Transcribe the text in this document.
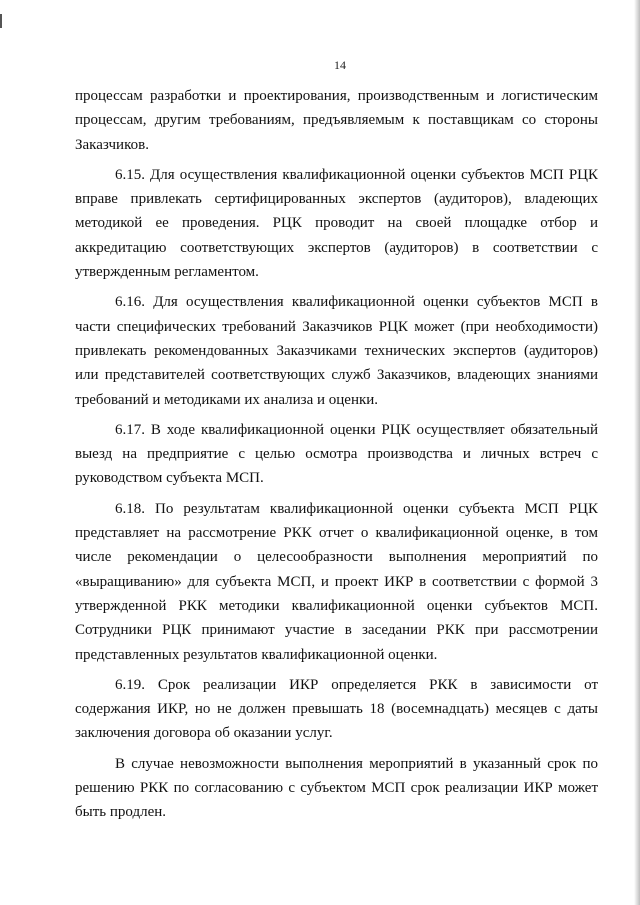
14

процессам разработки и проектирования, производственным и логистическим процессам, другим требованиям, предъявляемым к поставщикам со стороны Заказчиков.

6.15. Для осуществления квалификационной оценки субъектов МСП РЦК вправе привлекать сертифицированных экспертов (аудиторов), владеющих методикой ее проведения. РЦК проводит на своей площадке отбор и аккредитацию соответствующих экспертов (аудиторов) в соответствии с утвержденным регламентом.

6.16. Для осуществления квалификационной оценки субъектов МСП в части специфических требований Заказчиков РЦК может (при необходимости) привлекать рекомендованных Заказчиками технических экспертов (аудиторов) или представителей соответствующих служб Заказчиков, владеющих знаниями требований и методиками их анализа и оценки.

6.17. В ходе квалификационной оценки РЦК осуществляет обязательный выезд на предприятие с целью осмотра производства и личных встреч с руководством субъекта МСП.

6.18. По результатам квалификационной оценки субъекта МСП РЦК представляет на рассмотрение РКК отчет о квалификационной оценке, в том числе рекомендации о целесообразности выполнения мероприятий по «выращиванию» для субъекта МСП, и проект ИКР в соответствии с формой 3 утвержденной РКК методики квалификационной оценки субъектов МСП. Сотрудники РЦК принимают участие в заседании РКК при рассмотрении представленных результатов квалификационной оценки.

6.19. Срок реализации ИКР определяется РКК в зависимости от содержания ИКР, но не должен превышать 18 (восемнадцать) месяцев с даты заключения договора об оказании услуг.

В случае невозможности выполнения мероприятий в указанный срок по решению РКК по согласованию с субъектом МСП срок реализации ИКР может быть продлен.
